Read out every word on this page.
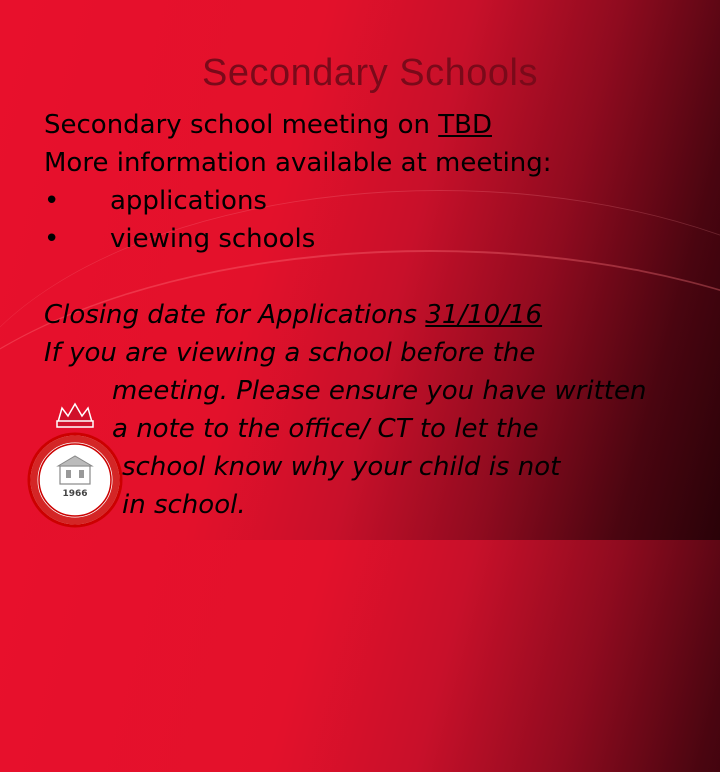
Secondary Schools
Secondary school meeting on TBD
More information available at meeting:
• applications
• viewing schools
Closing date for Applications 31/10/16
If you are viewing a school before the
meeting. Please ensure you have written
a note to the office/ CT to let the
school know why your child is not
in school.
1966
